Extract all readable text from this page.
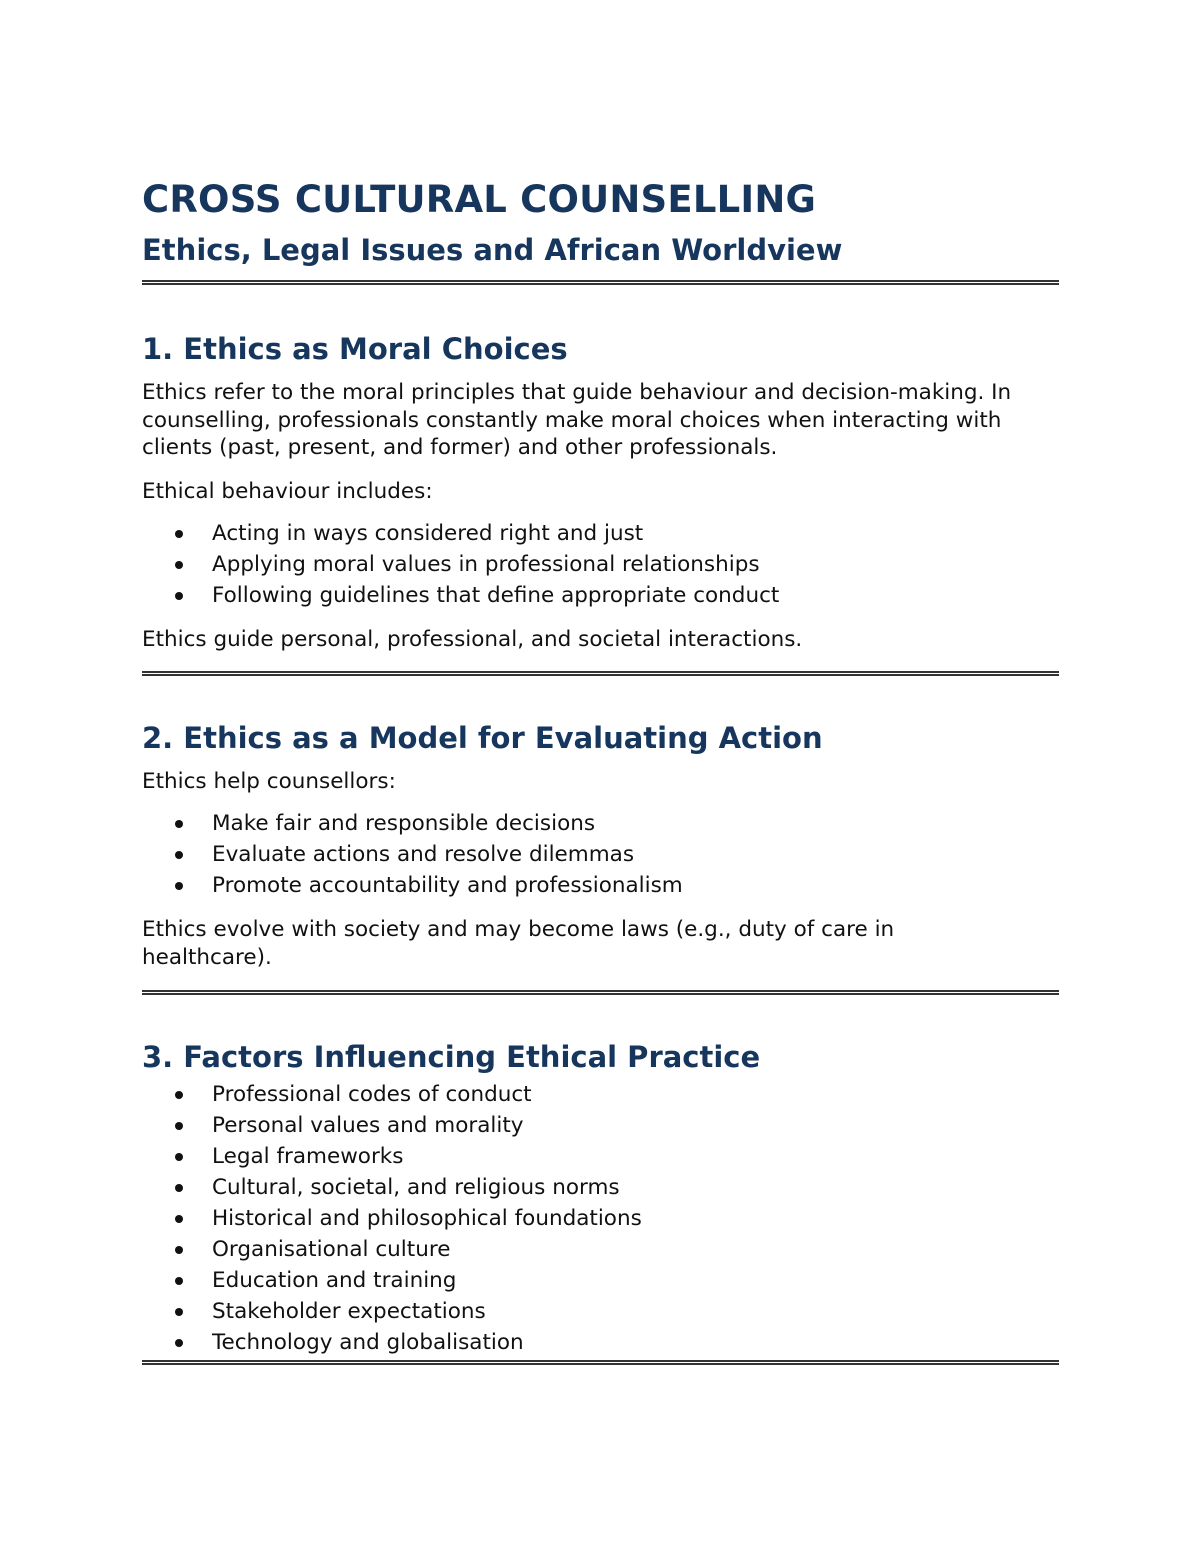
CROSS CULTURAL COUNSELLING
Ethics, Legal Issues and African Worldview
1. Ethics as Moral Choices

Ethics refer to the moral principles that guide behaviour and decision-making. In counselling, professionals constantly make moral choices when interacting with clients (past, present, and former) and other professionals.

Ethical behaviour includes:

Acting in ways considered right and just
Applying moral values in professional relationships
Following guidelines that define appropriate conduct

Ethics guide personal, professional, and societal interactions.

2. Ethics as a Model for Evaluating Action

Ethics help counsellors:

Make fair and responsible decisions
Evaluate actions and resolve dilemmas
Promote accountability and professionalism

Ethics evolve with society and may become laws (e.g., duty of care in healthcare).

3. Factors Influencing Ethical Practice
Professional codes of conduct
Personal values and morality
Legal frameworks
Cultural, societal, and religious norms
Historical and philosophical foundations
Organisational culture
Education and training
Stakeholder expectations
Technology and globalisation
